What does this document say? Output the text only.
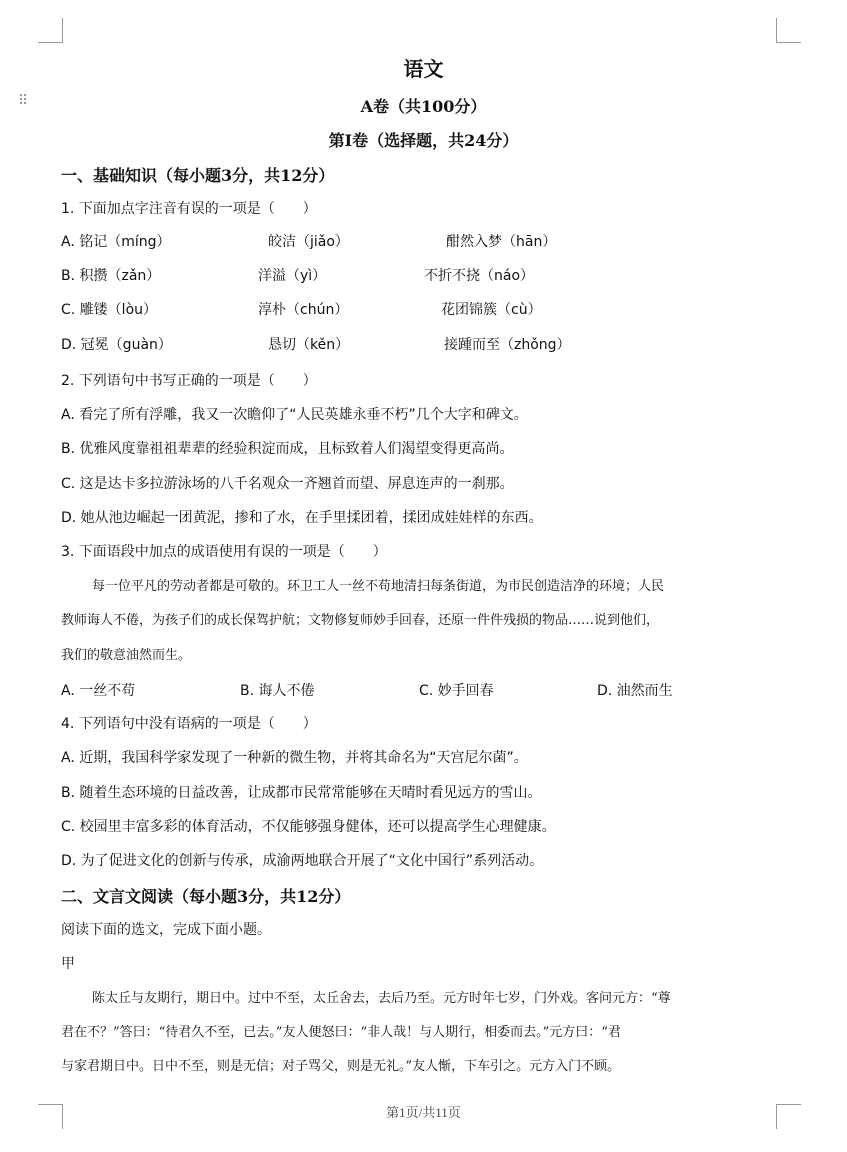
⠿
语文
A卷（共100分）
第Ⅰ卷（选择题，共24分）
一、基础知识（每小题3分，共12分）
1. 下面加点字注音有误的一项是（　　）
A. 铭记（míng）	皎洁（jiǎo）	酣然入梦（hān）
B. 积攒（zǎn）	洋溢（yì）	不折不挠（náo）
C. 雕镂（lòu）	淳朴（chún）	花团锦簇（cù）
D. 冠冕（guàn）	恳切（kěn）	接踵而至（zhǒng）
2. 下列语句中书写正确的一项是（　　）
A. 看完了所有浮雕，我又一次瞻仰了“人民英雄永垂不朽”几个大字和碑文。
B. 优雅风度靠祖祖辈辈的经验积淀而成，且标致着人们渴望变得更高尚。
C. 这是达卡多拉游泳场的八千名观众一齐翘首而望、屏息连声的一刹那。
D. 她从池边崛起一团黄泥，掺和了水，在手里揉团着，揉团成娃娃样的东西。
3. 下面语段中加点的成语使用有误的一项是（　　）
每一位平凡的劳动者都是可敬的。环卫工人一丝不苟地清扫每条街道，为市民创造洁净的环境；人民
教师诲人不倦，为孩子们的成长保驾护航；文物修复师妙手回春，还原一件件残损的物品……说到他们，
我们的敬意油然而生。
A. 一丝不苟	B. 诲人不倦	C. 妙手回春	D. 油然而生
4. 下列语句中没有语病的一项是（　　）
A. 近期，我国科学家发现了一种新的微生物，并将其命名为“天宫尼尔菌”。
B. 随着生态环境的日益改善，让成都市民常常能够在天晴时看见远方的雪山。
C. 校园里丰富多彩的体育活动，不仅能够强身健体，还可以提高学生心理健康。
D. 为了促进文化的创新与传承，成渝两地联合开展了“文化中国行”系列活动。
二、文言文阅读（每小题3分，共12分）
阅读下面的选文，完成下面小题。
甲
陈太丘与友期行，期日中。过中不至，太丘舍去，去后乃至。元方时年七岁，门外戏。客问元方：“尊
君在不？”答曰：“待君久不至，已去。”友人便怒曰：“非人哉！与人期行，相委而去。”元方曰：“君
与家君期日中。日中不至，则是无信；对子骂父，则是无礼。”友人惭，下车引之。元方入门不顾。
第1页/共11页
